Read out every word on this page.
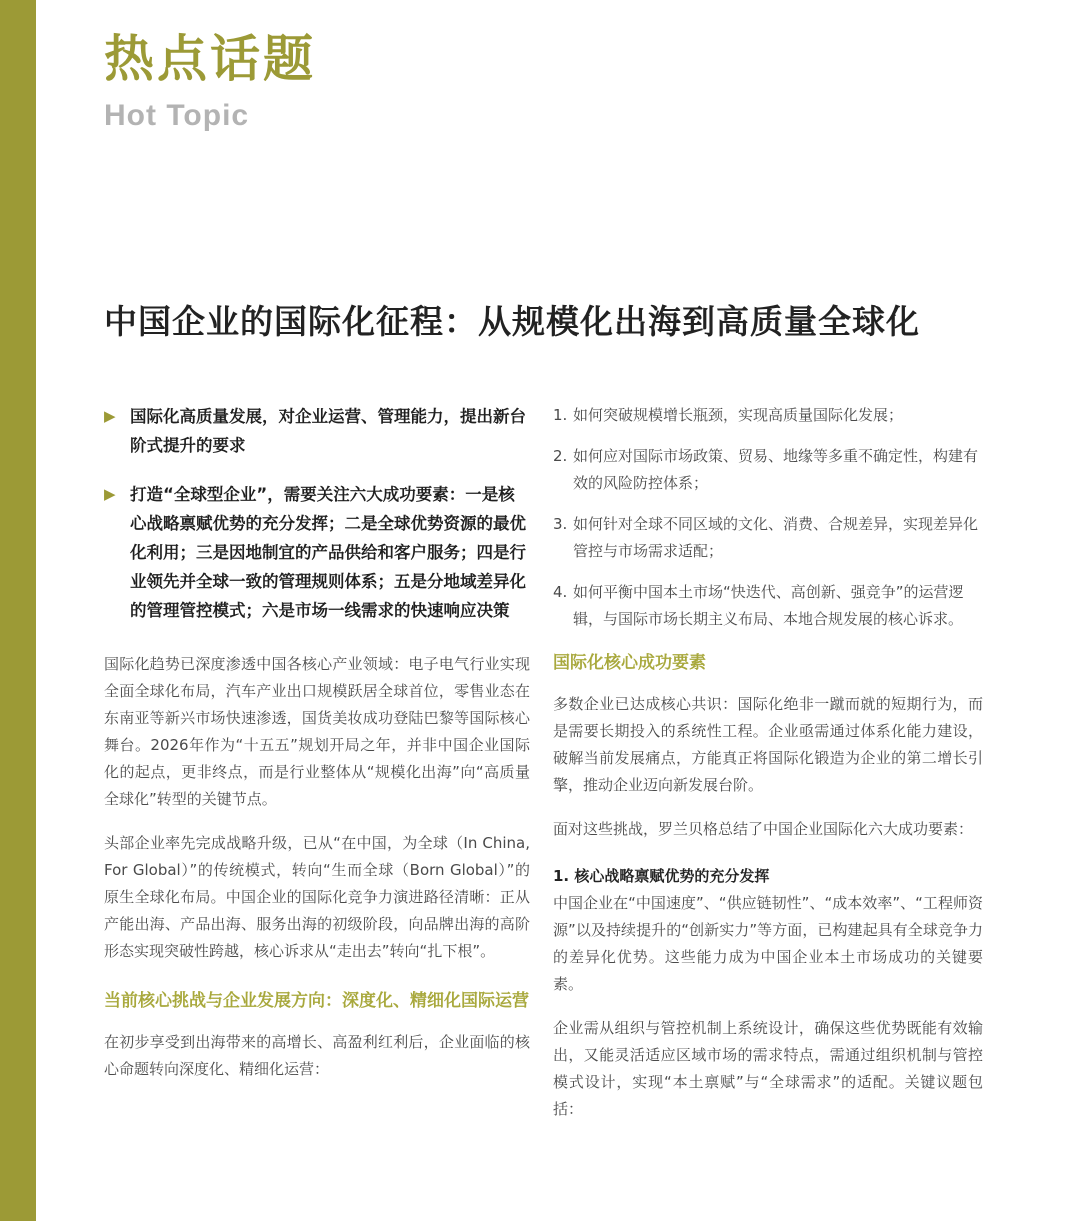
热点话题
Hot Topic
中国企业的国际化征程：从规模化出海到高质量全球化
▶ 国际化高质量发展，对企业运营、管理能力，提出新台阶式提升的要求
▶ 打造“全球型企业”，需要关注六大成功要素：一是核心战略禀赋优势的充分发挥；二是全球优势资源的最优化利用；三是因地制宜的产品供给和客户服务；四是行业领先并全球一致的管理规则体系；五是分地域差异化的管理管控模式；六是市场一线需求的快速响应决策

国际化趋势已深度渗透中国各核心产业领域：电子电气行业实现全面全球化布局，汽车产业出口规模跃居全球首位，零售业态在东南亚等新兴市场快速渗透，国货美妆成功登陆巴黎等国际核心舞台。2026年作为“十五五”规划开局之年，并非中国企业国际化的起点，更非终点，而是行业整体从“规模化出海”向“高质量全球化”转型的关键节点。

头部企业率先完成战略升级，已从“在中国，为全球（In China, For Global）”的传统模式，转向“生而全球（Born Global）”的原生全球化布局。中国企业的国际化竞争力演进路径清晰：正从产能出海、产品出海、服务出海的初级阶段，向品牌出海的高阶形态实现突破性跨越，核心诉求从“走出去”转向“扎下根”。

当前核心挑战与企业发展方向：深度化、精细化国际运营

在初步享受到出海带来的高增长、高盈利红利后，企业面临的核心命题转向深度化、精细化运营：

1. 如何突破规模增长瓶颈，实现高质量国际化发展；
2. 如何应对国际市场政策、贸易、地缘等多重不确定性，构建有效的风险防控体系；
3. 如何针对全球不同区域的文化、消费、合规差异，实现差异化管控与市场需求适配；
4. 如何平衡中国本土市场“快迭代、高创新、强竞争”的运营逻辑，与国际市场长期主义布局、本地合规发展的核心诉求。
国际化核心成功要素

多数企业已达成核心共识：国际化绝非一蹴而就的短期行为，而是需要长期投入的系统性工程。企业亟需通过体系化能力建设，破解当前发展痛点，方能真正将国际化锻造为企业的第二增长引擎，推动企业迈向新发展台阶。

面对这些挑战，罗兰贝格总结了中国企业国际化六大成功要素：

1. 核心战略禀赋优势的充分发挥

中国企业在“中国速度”、“供应链韧性”、“成本效率”、“工程师资源”以及持续提升的“创新实力”等方面，已构建起具有全球竞争力的差异化优势。这些能力成为中国企业本土市场成功的关键要素。

企业需从组织与管控机制上系统设计，确保这些优势既能有效输出，又能灵活适应区域市场的需求特点，需通过组织机制与管控模式设计，实现“本土禀赋”与“全球需求”的适配。关键议题包括：
